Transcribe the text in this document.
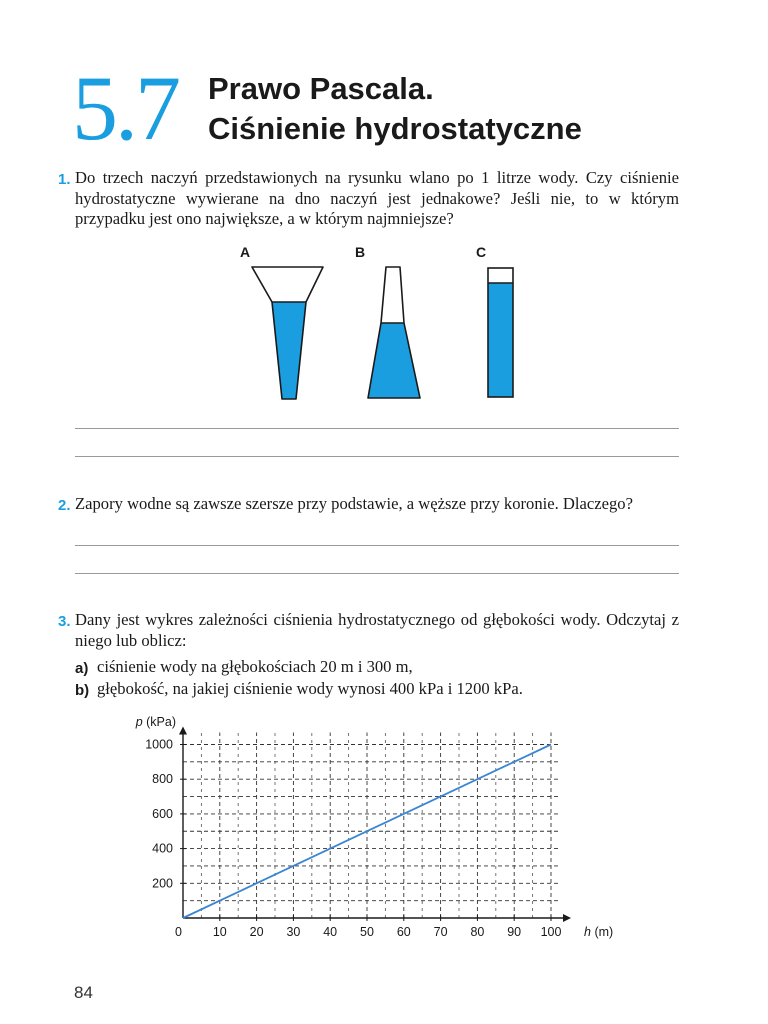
5.7 Prawo Pascala.
Ciśnienie hydrostatyczne
1. Do trzech naczyń przedstawionych na rysunku wlano po 1 litrze wody. Czy ciśnienie hydrostatyczne wywierane na dno naczyń jest jednakowe? Jeśli nie, to w którym przypadku jest ono największe, a w którym najmniejsze?
A	B	C
2. Zapory wodne są zawsze szersze przy podstawie, a węższe przy koronie. Dlaczego?
3. Dany jest wykres zależności ciśnienia hydrostatycznego od głębokości wody. Odczytaj z niego lub oblicz:
a) ciśnienie wody na głębokościach 20 m i 300 m,
b) głębokość, na jakiej ciśnienie wody wynosi 400 kPa i 1200 kPa.
p (kPa)
h (m)
0 10 20 30 40 50 60 70 80 90 100
200
400
600
800
1000
84
